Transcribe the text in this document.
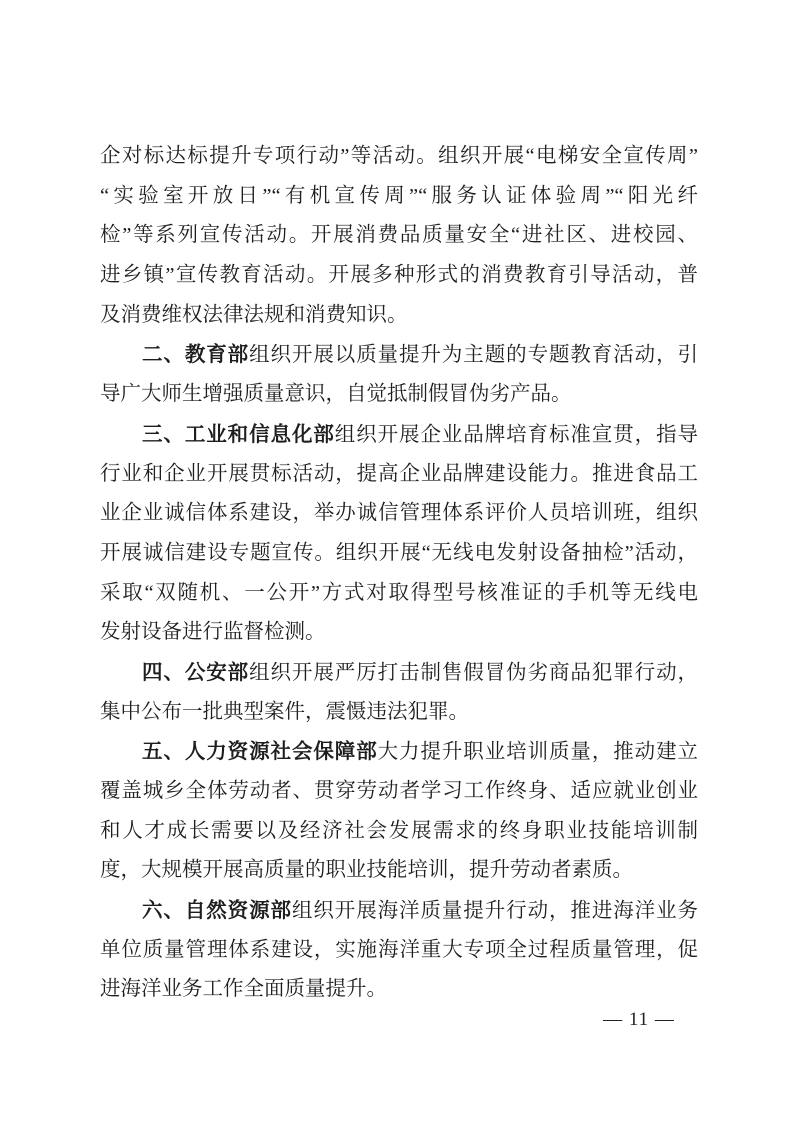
企对标达标提升专项行动”等活动。组织开展“电梯安全宣传周”
“实验室开放日”“有机宣传周”“服务认证体验周”“阳光纤
检”等系列宣传活动。开展消费品质量安全“进社区、进校园、
进乡镇”宣传教育活动。开展多种形式的消费教育引导活动，普
及消费维权法律法规和消费知识。
二、教育部组织开展以质量提升为主题的专题教育活动，引
导广大师生增强质量意识，自觉抵制假冒伪劣产品。
三、工业和信息化部组织开展企业品牌培育标准宣贯，指导
行业和企业开展贯标活动，提高企业品牌建设能力。推进食品工
业企业诚信体系建设，举办诚信管理体系评价人员培训班，组织
开展诚信建设专题宣传。组织开展“无线电发射设备抽检”活动，
采取“双随机、一公开”方式对取得型号核准证的手机等无线电
发射设备进行监督检测。
四、公安部组织开展严厉打击制售假冒伪劣商品犯罪行动，
集中公布一批典型案件，震慑违法犯罪。
五、人力资源社会保障部大力提升职业培训质量，推动建立
覆盖城乡全体劳动者、贯穿劳动者学习工作终身、适应就业创业
和人才成长需要以及经济社会发展需求的终身职业技能培训制
度，大规模开展高质量的职业技能培训，提升劳动者素质。
六、自然资源部组织开展海洋质量提升行动，推进海洋业务
单位质量管理体系建设，实施海洋重大专项全过程质量管理，促
进海洋业务工作全面质量提升。
— 11 —
